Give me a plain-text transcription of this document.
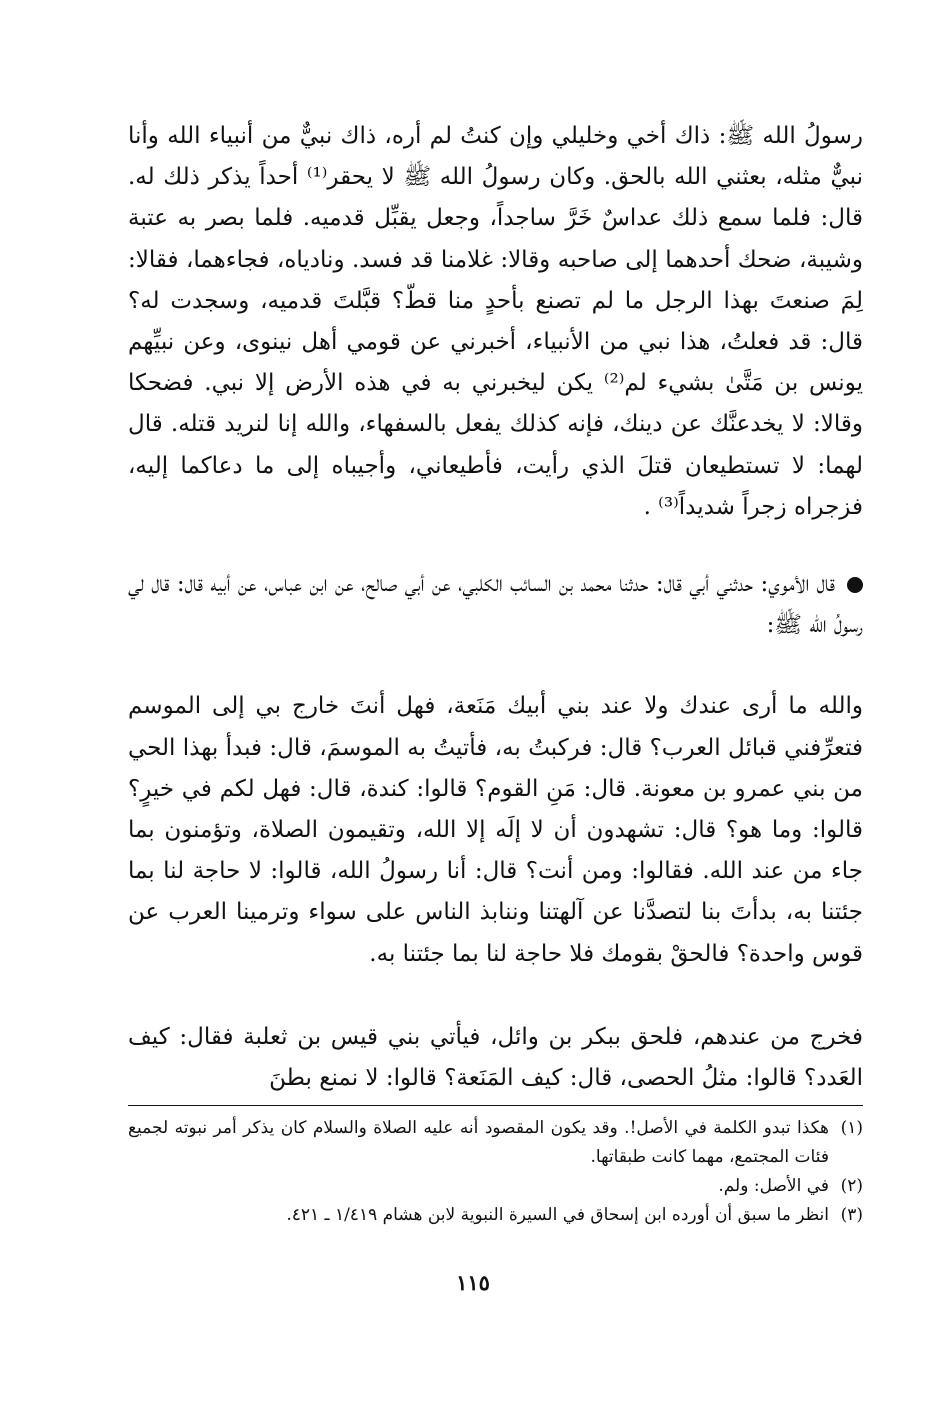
رسولُ الله ﷺ: ذاك أخي وخليلي وإن كنتُ لم أره، ذاك نبيٌّ من أنبياء الله وأنا نبيٌّ مثله، بعثني الله بالحق. وكان رسولُ الله ﷺ لا يحقر⁽¹⁾ أحداً يذكر ذلك له. قال: فلما سمع ذلك عداسٌ خَرَّ ساجداً، وجعل يقبِّل قدميه. فلما بصر به عتبة وشيبة، ضحك أحدهما إلى صاحبه وقالا: غلامنا قد فسد. ونادياه، فجاءهما، فقالا: لِمَ صنعتَ بهذا الرجل ما لم تصنع بأحدٍ منا قطّ؟ قبَّلتَ قدميه، وسجدت له؟ قال: قد فعلتُ، هذا نبي من الأنبياء، أخبرني عن قومي أهل نينوى، وعن نبيِّهم يونس بن مَتَّىٰ بشيء لم⁽²⁾ يكن ليخبرني به في هذه الأرض إلا نبي. فضحكا وقالا: لا يخدعنَّك عن دينك، فإنه كذلك يفعل بالسفهاء، والله إنا لنريد قتله. قال لهما: لا تستطيعان قتلَ الذي رأيت، فأطيعاني، وأجيباه إلى ما دعاكما إليه، فزجراه زجراً شديداً⁽³⁾ .

قال الأموي: حدثني أبي قال: حدثنا محمد بن السائب الكلبي، عن أبي صالح، عن ابن عباس، عن أبيه قال: قال لي رسولُ الله ﷺ:

والله ما أرى عندك ولا عند بني أبيك مَنَعة، فهل أنتَ خارج بي إلى الموسم فتعرِّفني قبائل العرب؟ قال: فركبتُ به، فأتيتُ به الموسمَ، قال: فبدأ بهذا الحي من بني عمرو بن معونة. قال: مَنِ القوم؟ قالوا: كندة، قال: فهل لكم في خيرٍ؟ قالوا: وما هو؟ قال: تشهدون أن لا إلَه إلا الله، وتقيمون الصلاة، وتؤمنون بما جاء من عند الله. فقالوا: ومن أنت؟ قال: أنا رسولُ الله، قالوا: لا حاجة لنا بما جئتنا به، بدأتَ بنا لتصدَّنا عن آلهتنا وننابذ الناس على سواء وترمينا العرب عن قوس واحدة؟ فالحقْ بقومك فلا حاجة لنا بما جئتنا به.

فخرج من عندهم، فلحق ببكر بن وائل، فيأتي بني قيس بن ثعلبة فقال: كيف العَدد؟ قالوا: مثلُ الحصى، قال: كيف المَنَعة؟ قالوا: لا نمنع بطنَ

(١)هكذا تبدو الكلمة في الأصل!. وقد يكون المقصود أنه عليه الصلاة والسلام كان يذكر أمر نبوته لجميع فئات المجتمع، مهما كانت طبقاتها.

(٢)في الأصل: ولم.

(٣)انظر ما سبق أن أورده ابن إسحاق في السيرة النبوية لابن هشام ١/٤١٩ ـ ٤٢١.

١١٥
